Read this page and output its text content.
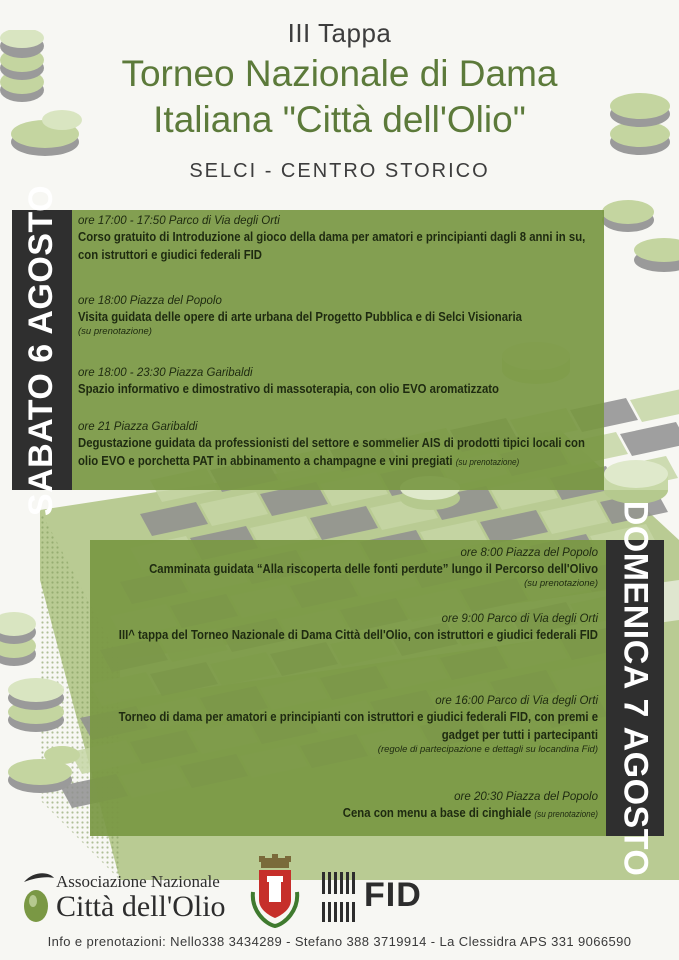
III Tappa
Torneo Nazionale di Dama
Italiana "Città dell'Olio"
SELCI - CENTRO STORICO
SABATO 6 AGOSTO ore 17:00 - 17:50 Parco di Via degli Orti
Corso gratuito di Introduzione al gioco della dama per amatori e principianti dagli 8 anni in su, con istruttori e giudici federali FID
ore 18:00 Piazza del Popolo
Visita guidata delle opere di arte urbana del Progetto Pubblica e di Selci Visionaria
(su prenotazione)
ore 18:00 - 23:30 Piazza Garibaldi
Spazio informativo e dimostrativo di massoterapia, con olio EVO aromatizzato
ore 21 Piazza Garibaldi
Degustazione guidata da professionisti del settore e sommelier AIS di prodotti tipici locali con olio EVO e porchetta PAT in abbinamento a champagne e vini pregiati (su prenotazione)
DOMENICA 7 AGOSTO
ore 8:00 Piazza del Popolo
Camminata guidata “Alla riscoperta delle fonti perdute” lungo il Percorso dell'Olivo
(su prenotazione)
ore 9:00 Parco di Via degli Orti
III^ tappa del Torneo Nazionale di Dama Città dell'Olio, con istruttori e giudici federali FID
ore 16:00 Parco di Via degli Orti
Torneo di dama per amatori e principianti con istruttori e giudici federali FID, con premi e gadget per tutti i partecipanti
(regole di partecipazione e dettagli su locandina Fid)
ore 20:30 Piazza del Popolo
Cena con menu a base di cinghiale (su prenotazione)
Associazione Nazionale
Città dell'Olio	FID
Info e prenotazioni: Nello338 3434289 - Stefano 388 3719914 - La Clessidra APS 331 9066590
